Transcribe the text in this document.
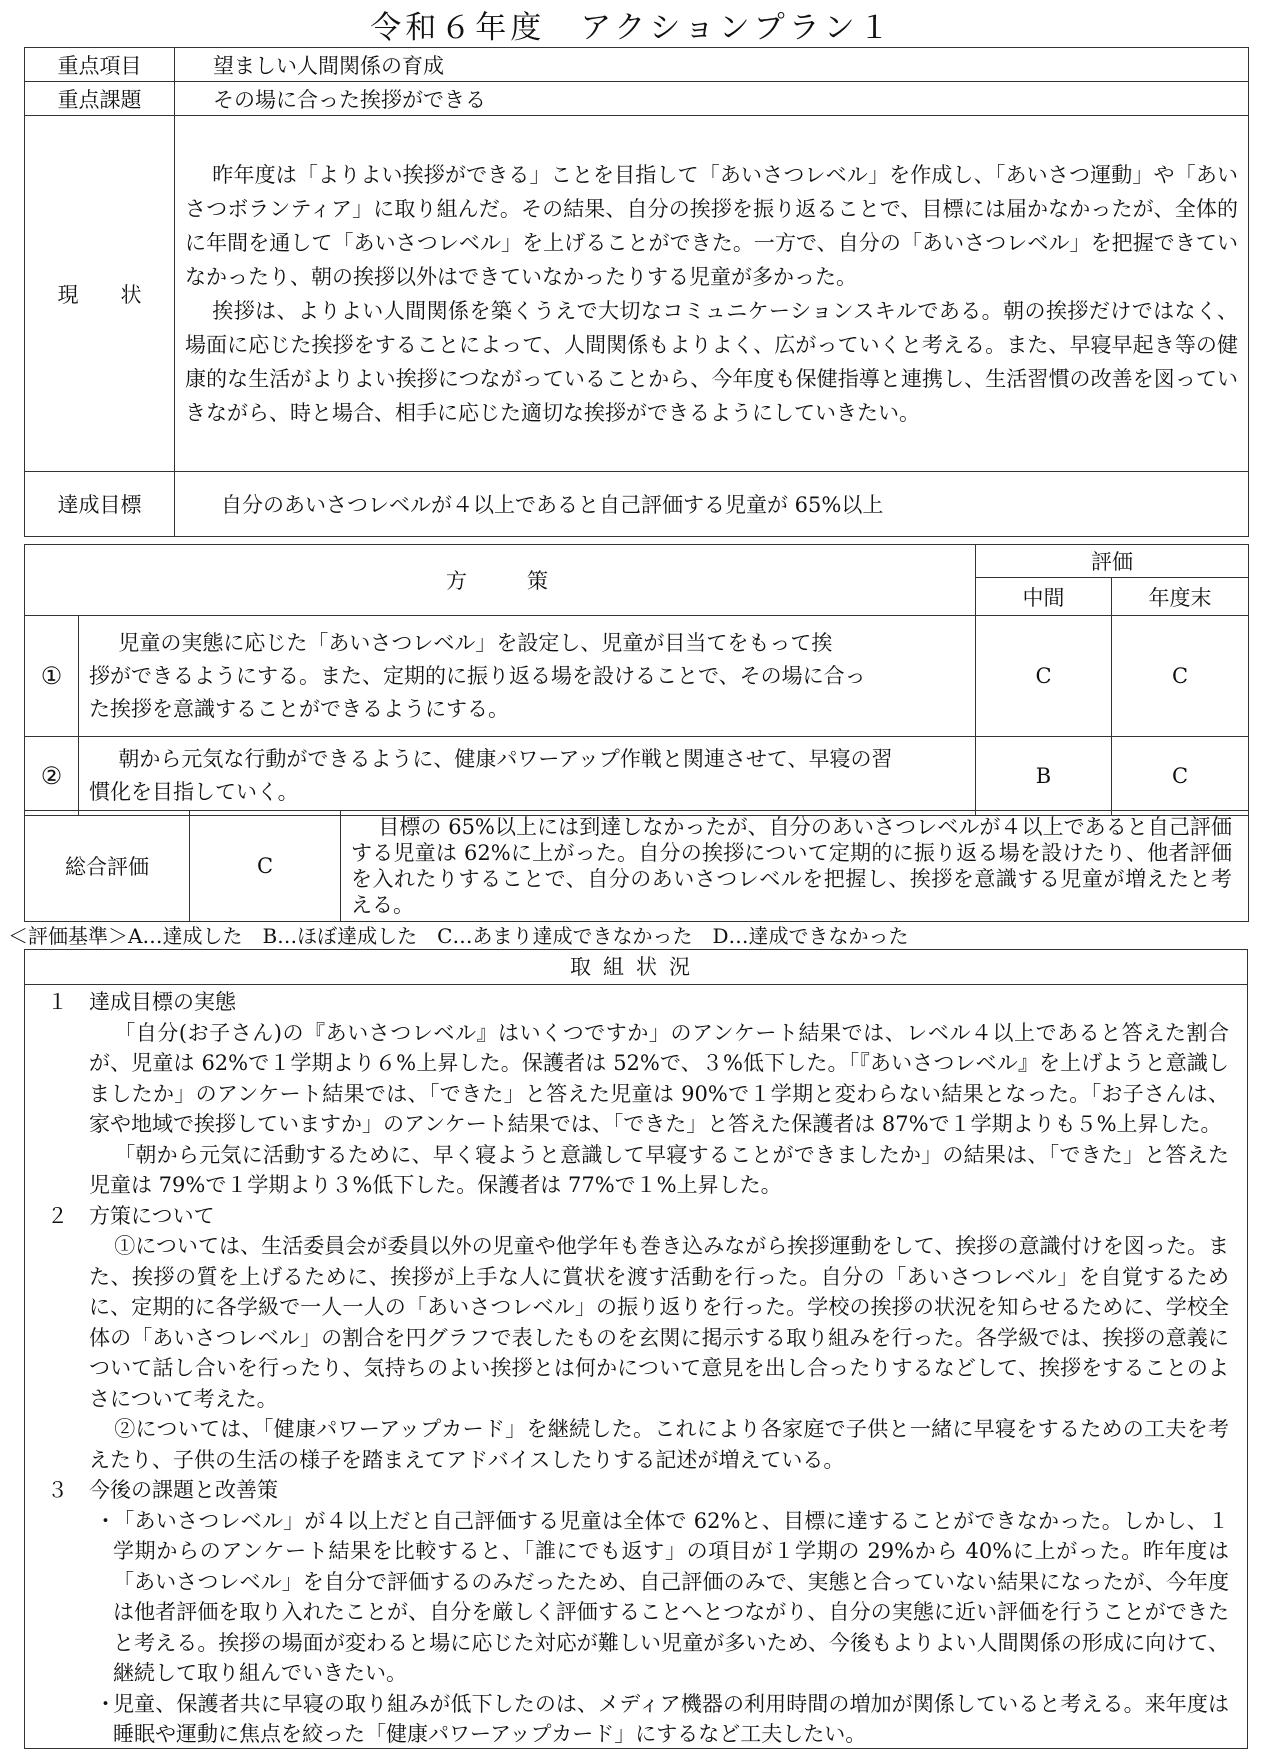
令和６年度　アクションプラン１
重点項目	望ましい人間関係の育成
重点課題	その場に合った挨拶ができる
現　　状	昨年度は「よりよい挨拶ができる」ことを目指して「あいさつレベル」を作成し、「あいさつ運動」や「あいさつボランティア」に取り組んだ。その結果、自分の挨拶を振り返ることで、目標には届かなかったが、全体的に年間を通して「あいさつレベル」を上げることができた。一方で、自分の「あいさつレベル」を把握できていなかったり、朝の挨拶以外はできていなかったりする児童が多かった。

挨拶は、よりよい人間関係を築くうえで大切なコミュニケーションスキルである。朝の挨拶だけではなく、場面に応じた挨拶をすることによって、人間関係もよりよく、広がっていくと考える。また、早寝早起き等の健康的な生活がよりよい挨拶につながっていることから、今年度も保健指導と連携し、生活習慣の改善を図っていきながら、時と場合、相手に応じた適切な挨拶ができるようにしていきたい。

達成目標	自分のあいさつレベルが４以上であると自己評価する児童が 65%以上
方　　策		評価	
		中間	年度末
①	児童の実態に応じた「あいさつレベル」を設定し、児童が目当てをもって挨
拶ができるようにする。また、定期的に振り返る場を設けることで、その場に合っ
た挨拶を意識することができるようにする。	C	C
②	朝から元気な行動ができるように、健康パワーアップ作戦と関連させて、早寝の習
慣化を目指していく。	B	C
総合評価	C	目標の 65%以上には到達しなかったが、自分のあいさつレベルが４以上であると自己評価する児童は 62%に上がった。自分の挨拶について定期的に振り返る場を設けたり、他者評価を入れたりすることで、自分のあいさつレベルを把握し、挨拶を意識する児童が増えたと考える。
＜評価基準＞A…達成した　B…ほぼ達成した　C…あまり達成できなかった　D…達成できなかった
取組状況
１ 達成目標の実態

「自分(お子さん)の『あいさつレベル』はいくつですか」のアンケート結果では、レベル４以上であると答えた割合が、児童は 62%で１学期より６%上昇した。保護者は 52%で、３%低下した。「『あいさつレベル』を上げようと意識しましたか」のアンケート結果では、「できた」と答えた児童は 90%で１学期と変わらない結果となった。「お子さんは、家や地域で挨拶していますか」のアンケート結果では、「できた」と答えた保護者は 87%で１学期よりも５%上昇した。

「朝から元気に活動するために、早く寝ようと意識して早寝することができましたか」の結果は、「できた」と答えた児童は 79%で１学期より３%低下した。保護者は 77%で１%上昇した。

２ 方策について

①については、生活委員会が委員以外の児童や他学年も巻き込みながら挨拶運動をして、挨拶の意識付けを図った。また、挨拶の質を上げるために、挨拶が上手な人に賞状を渡す活動を行った。自分の「あいさつレベル」を自覚するために、定期的に各学級で一人一人の「あいさつレベル」の振り返りを行った。学校の挨拶の状況を知らせるために、学校全体の「あいさつレベル」の割合を円グラフで表したものを玄関に掲示する取り組みを行った。各学級では、挨拶の意義について話し合いを行ったり、気持ちのよい挨拶とは何かについて意見を出し合ったりするなどして、挨拶をすることのよさについて考えた。

②については、「健康パワーアップカード」を継続した。これにより各家庭で子供と一緒に早寝をするための工夫を考えたり、子供の生活の様子を踏まえてアドバイスしたりする記述が増えている。

３ 今後の課題と改善策

・「あいさつレベル」が４以上だと自己評価する児童は全体で 62%と、目標に達することができなかった。しかし、１学期からのアンケート結果を比較すると、「誰にでも返す」の項目が１学期の 29%から 40%に上がった。昨年度は「あいさつレベル」を自分で評価するのみだったため、自己評価のみで、実態と合っていない結果になったが、今年度は他者評価を取り入れたことが、自分を厳しく評価することへとつながり、自分の実態に近い評価を行うことができたと考える。挨拶の場面が変わると場に応じた対応が難しい児童が多いため、今後もよりよい人間関係の形成に向けて、継続して取り組んでいきたい。

・児童、保護者共に早寝の取り組みが低下したのは、メディア機器の利用時間の増加が関係していると考える。来年度は睡眠や運動に焦点を絞った「健康パワーアップカード」にするなど工夫したい。
